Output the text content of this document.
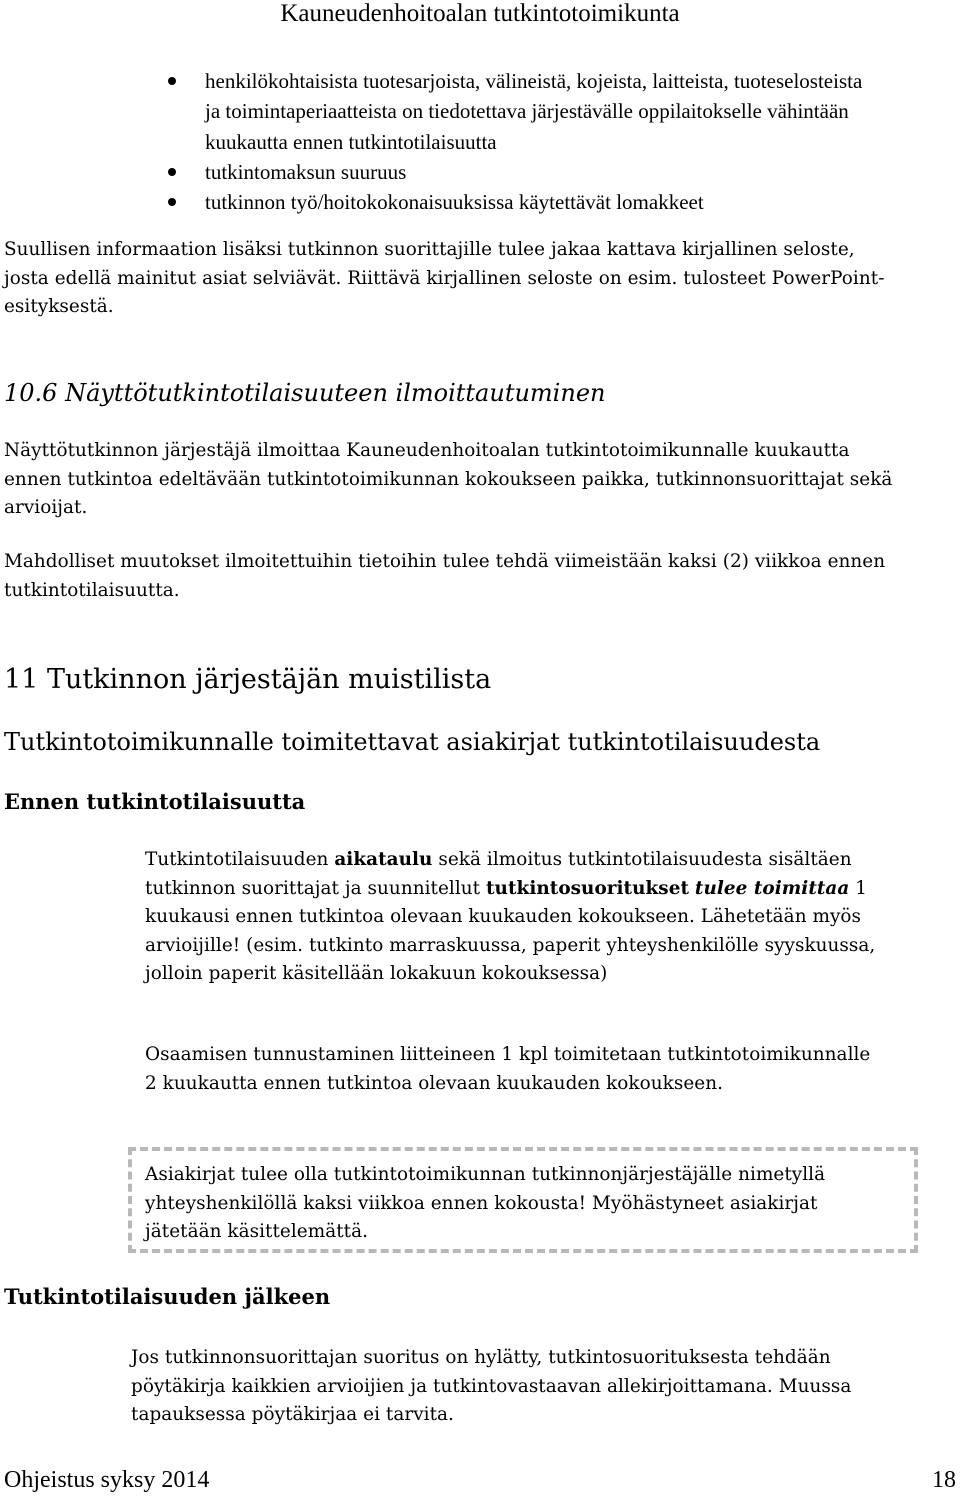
Kauneudenhoitoalan tutkintotoimikunta
henkilökohtaisista tuotesarjoista, välineistä, kojeista, laitteista, tuoteselosteista ja toimintaperiaatteista on tiedotettava järjestävälle oppilaitokselle vähintään kuukautta ennen tutkintotilaisuutta
tutkintomaksun suuruus
tutkinnon työ/hoitokokonaisuuksissa käytettävät lomakkeet
Suullisen informaation lisäksi tutkinnon suorittajille tulee jakaa kattava kirjallinen seloste, josta edellä mainitut asiat selviävät. Riittävä kirjallinen seloste on esim. tulosteet PowerPoint-esityksestä.
10.6 Näyttötutkintotilaisuuteen ilmoittautuminen
Näyttötutkinnon järjestäjä ilmoittaa Kauneudenhoitoalan tutkintotoimikunnalle kuukautta ennen tutkintoa edeltävään tutkintotoimikunnan kokoukseen paikka, tutkinnonsuorittajat sekä arvioijat.
Mahdolliset muutokset ilmoitettuihin tietoihin tulee tehdä viimeistään kaksi (2) viikkoa ennen tutkintotilaisuutta.
11 Tutkinnon järjestäjän muistilista
Tutkintotoimikunnalle toimitettavat asiakirjat tutkintotilaisuudesta
Ennen tutkintotilaisuutta
Tutkintotilaisuuden aikataulu sekä ilmoitus tutkintotilaisuudesta sisältäen tutkinnon suorittajat ja suunnitellut tutkintosuoritukset tulee toimittaa 1 kuukausi ennen tutkintoa olevaan kuukauden kokoukseen. Lähetetään myös arvioijille! (esim. tutkinto marraskuussa, paperit yhteyshenkilölle syyskuussa, jolloin paperit käsitellään lokakuun kokouksessa)
Osaamisen tunnustaminen liitteineen 1 kpl toimitetaan tutkintotoimikunnalle 2 kuukautta ennen tutkintoa olevaan kuukauden kokoukseen.
Asiakirjat tulee olla tutkintotoimikunnan tutkinnonjärjestäjälle nimetyllä yhteyshenkilöllä kaksi viikkoa ennen kokousta! Myöhästyneet asiakirjat jätetään käsittelemättä.
Tutkintotilaisuuden jälkeen
Jos tutkinnonsuorittajan suoritus on hylätty, tutkintosuorituksesta tehdään pöytäkirja kaikkien arvioijien ja tutkintovastaavan allekirjoittamana. Muussa tapauksessa pöytäkirjaa ei tarvita.
Ohjeistus syksy 2014	18
